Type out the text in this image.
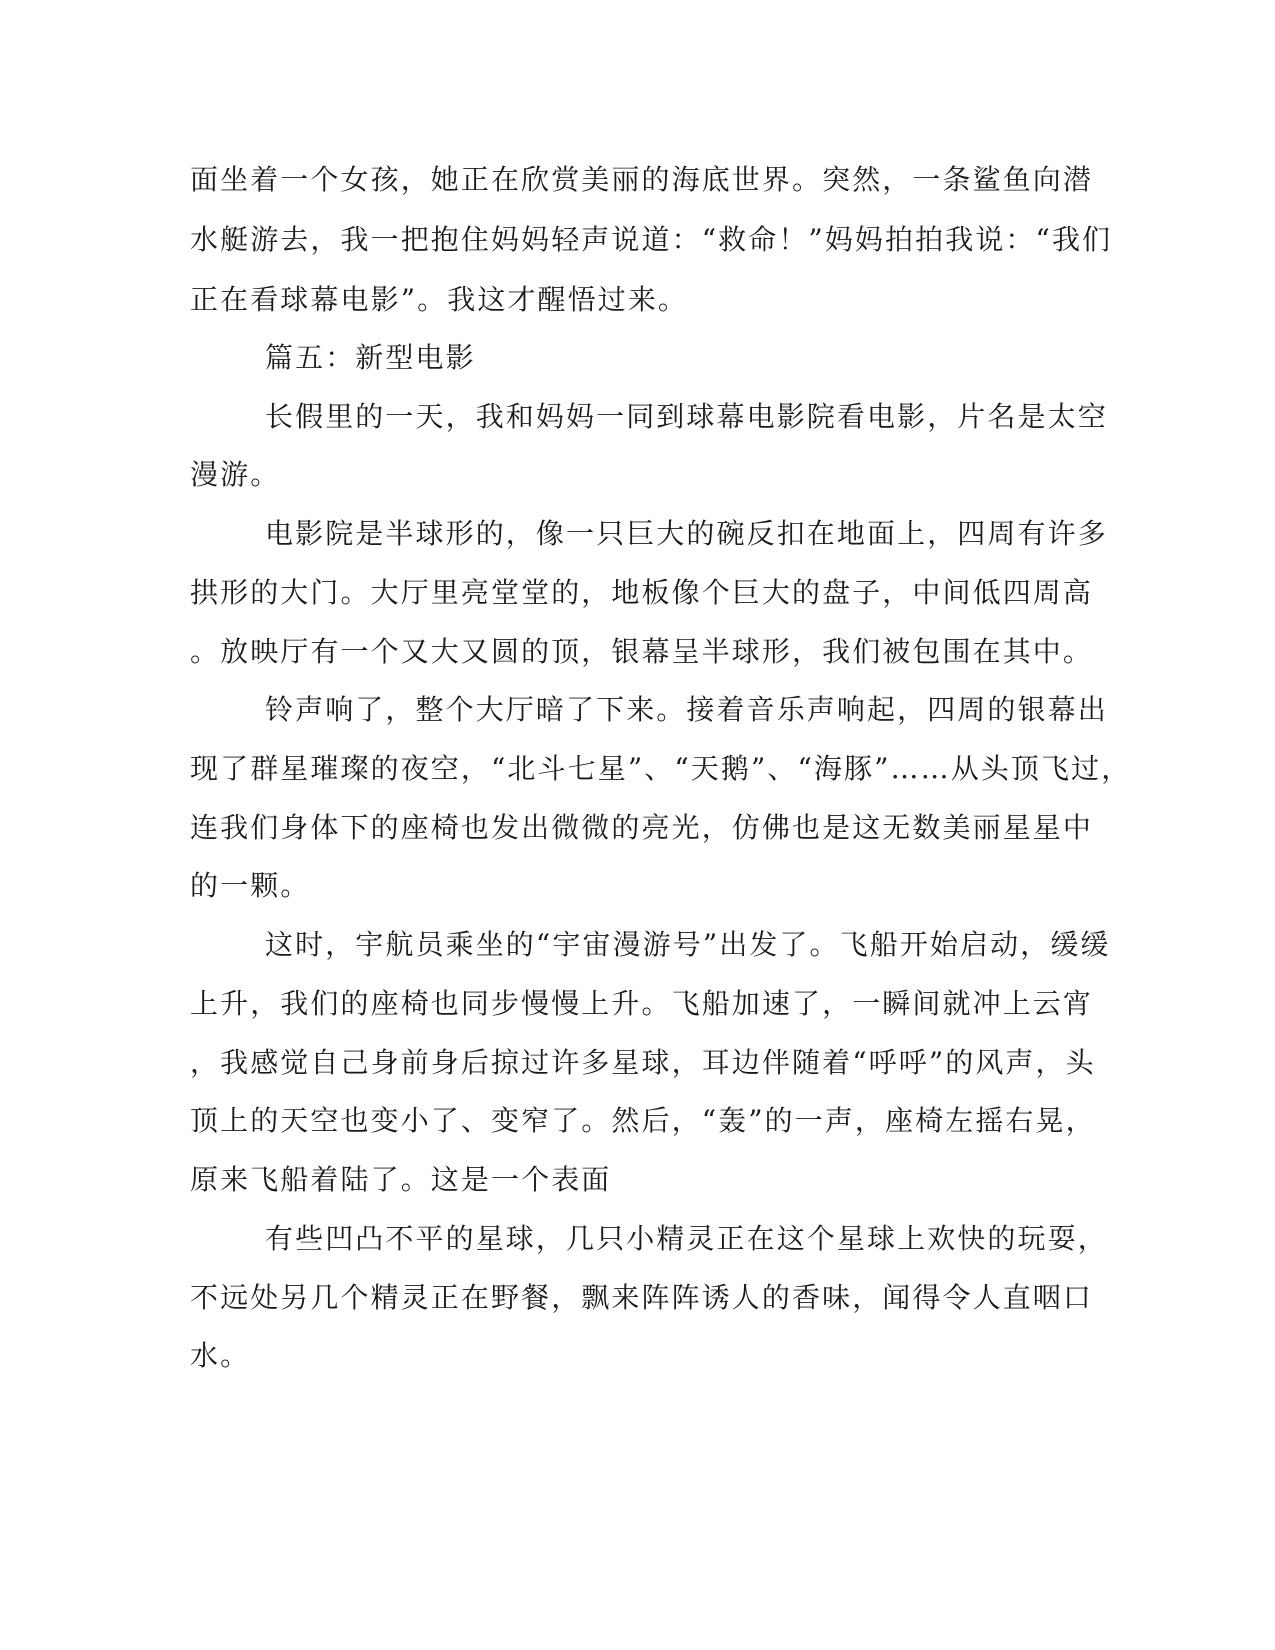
面坐着一个女孩，她正在欣赏美丽的海底世界。突然，一条鲨鱼向潜
水艇游去，我一把抱住妈妈轻声说道：“救命！”妈妈拍拍我说：“我们
正在看球幕电影”。我这才醒悟过来。
篇五：新型电影
长假里的一天，我和妈妈一同到球幕电影院看电影，片名是太空
漫游。
电影院是半球形的，像一只巨大的碗反扣在地面上，四周有许多
拱形的大门。大厅里亮堂堂的，地板像个巨大的盘子，中间低四周高
。放映厅有一个又大又圆的顶，银幕呈半球形，我们被包围在其中。
铃声响了，整个大厅暗了下来。接着音乐声响起，四周的银幕出
现了群星璀璨的夜空，“北斗七星”、“天鹅”、“海豚”……从头顶飞过，
连我们身体下的座椅也发出微微的亮光，仿佛也是这无数美丽星星中
的一颗。
这时，宇航员乘坐的“宇宙漫游号”出发了。飞船开始启动，缓缓
上升，我们的座椅也同步慢慢上升。飞船加速了，一瞬间就冲上云宵
，我感觉自己身前身后掠过许多星球，耳边伴随着“呼呼”的风声，头
顶上的天空也变小了、变窄了。然后，“轰”的一声，座椅左摇右晃，
原来飞船着陆了。这是一个表面
有些凹凸不平的星球，几只小精灵正在这个星球上欢快的玩耍，
不远处另几个精灵正在野餐，飘来阵阵诱人的香味，闻得令人直咽口
水。
